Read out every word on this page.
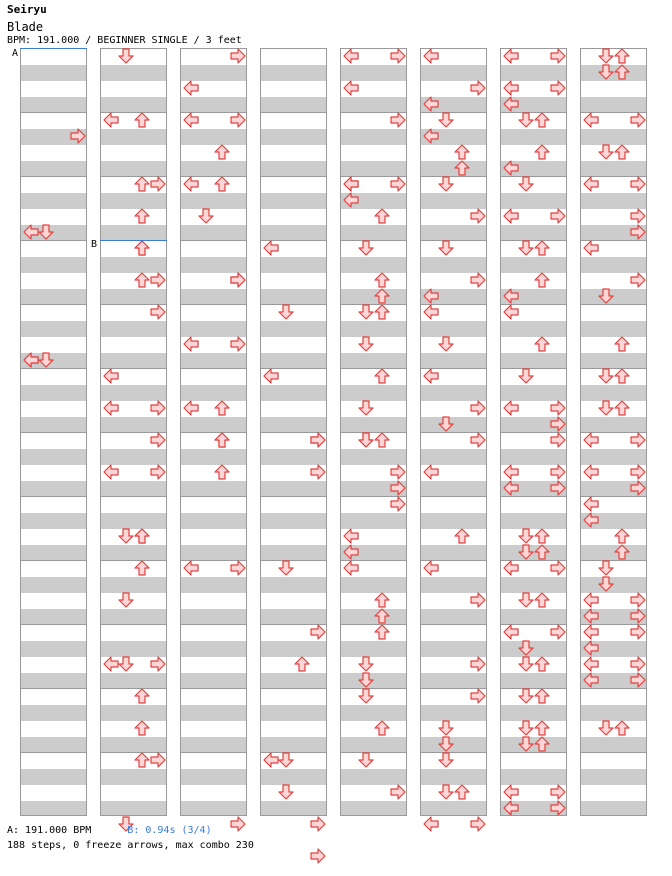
Seiryu
Blade
BPM: 191.000 / BEGINNER SINGLE / 3 feet
A
B
A: 191.000 BPM	B: 0.94s (3/4)
188 steps, 0 freeze arrows, max combo 230
